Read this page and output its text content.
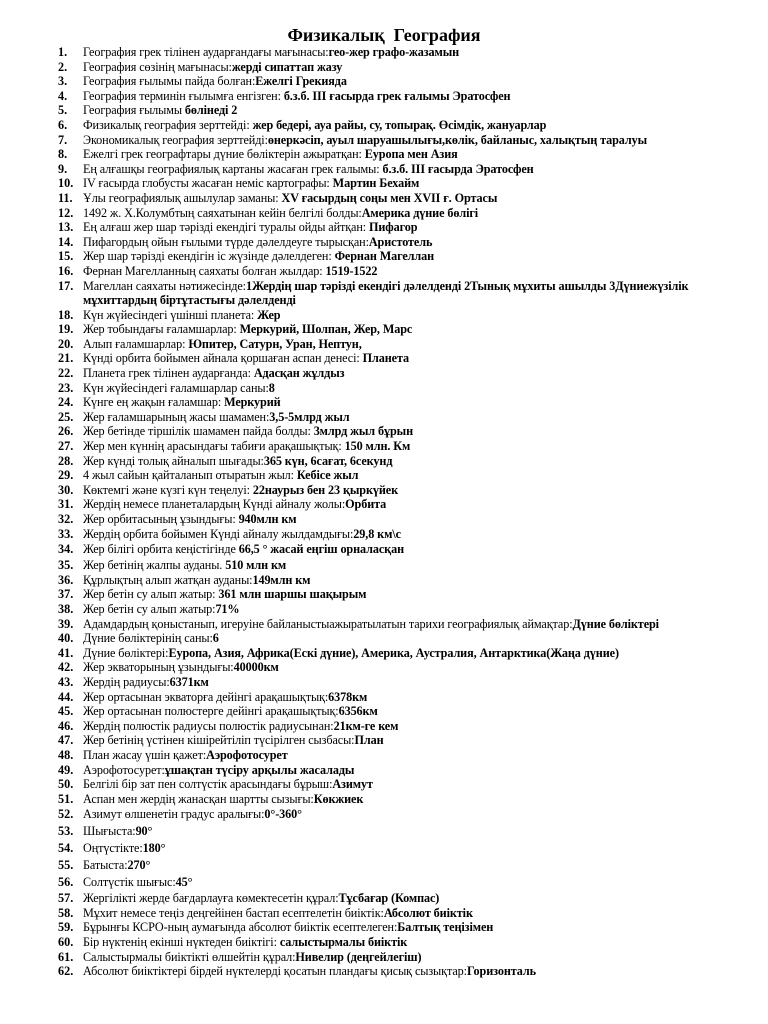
Физикалық  География
1.	География грек тілінен аударғандағы мағынасы:гео-жер графо-жазамын
2.	География сөзінің мағынасы:жерді сипаттап жазу
3.	География ғылымы пайда болған:Ежелгі Грекияда
4.	География терминін ғылымға енгізген: б.з.б. ІІІ ғасырда грек ғалымы Эратосфен
5.	География ғылымы бөлінеді 2
6.	Физикалық география зерттейді: жер бедері, ауа райы, су, топырақ. Өсімдік, жануарлар
7.	Экономикалық география зерттейді:өнеркәсіп, ауыл шаруашылығы,көлік, байланыс, халықтың таралуы
8.	Ежелгі грек географтары дүние бөліктерін ажыратқан: Еуропа мен Азия
9.	Ең алғашқы географиялық картаны жасаған грек ғалымы: б.з.б. ІІІ ғасырда Эратосфен
10. ІV ғасырда глобусты жасаған неміс картографы: Мартин Бехайм
11. Ұлы географиялық ашылулар заманы: ХV ғасырдың соңы мен ХVІІ ғ. Ортасы
12. 1492 ж. Х.Колумбтың саяхатынан кейін белгілі болды:Америка дүние бөлігі
13. Ең алғаш жер шар тәрізді екендігі туралы ойды айтқан: Пифагор
14. Пифагордың ойын ғылыми түрде дәлелдеуге тырысқан:Аристотель
15. Жер шар тәрізді екендігін іс жүзінде дәлелдеген: Фернан Магеллан
16. Фернан Магелланның саяхаты болған жылдар: 1519-1522
17. Магеллан саяхаты нәтижесінде:1Жердің шар тәрізді екендігі дәлелденді 2Тынық мұхиты ашылды 3Дүниежүзілік мұхиттардың біртұтастығы дәлелденді
18. Күн жүйесіндегі үшінші планета: Жер
19. Жер тобындағы ғаламшарлар: Меркурий, Шолпан, Жер, Марс
20. Алып ғаламшарлар: Юпитер, Сатурн, Уран, Нептун,
21. Күнді орбита бойымен айнала қоршаған аспан денесі: Планета
22. Планета грек тілінен аударғанда: Адасқан жұлдыз
23. Күн жүйесіндегі ғаламшарлар саны:8
24. Күнге ең жақын ғаламшар: Меркурий
25. Жер ғаламшарының жасы шамамен:3,5-5млрд жыл
26. Жер бетінде тіршілік шамамен пайда болды: 3млрд жыл бұрын
27. Жер мен күннің арасындағы табиғи арақашықтық: 150 млн. Км
28. Жер күнді толық айналып шығады:365 күн, 6сағат, 6секунд
29. 4 жыл сайын қайталанып отыратын жыл: Кебісе жыл
30. Көктемгі және күзгі күн теңелуі: 22наурыз бен 23 қыркүйек
31. Жердің немесе планеталардың Күнді айналу жолы:Орбита
32. Жер орбитасының ұзындығы: 940млн км
33. Жердің орбита бойымен Күнді айналу жылдамдығы:29,8 км\с
34. Жер білігі орбита кеңістігінде 66,5 ° жасай еңгіш орналасқан
35. Жер бетінің жалпы ауданы. 510 млн км
36. Құрлықтың алып жатқан ауданы:149млн км
37. Жер бетін су алып жатыр: 361 млн шаршы шақырым
38. Жер бетін су алып жатыр:71%
39. Адамдардың қоныстанып, игеруіне байланыстыажыратылатын тарихи географиялық аймақтар:Дүние бөліктері
40. Дүние бөліктерінің саны:6
41. Дүние бөліктері:Еуропа, Азия, Африка(Ескі дүние), Америка, Аустралия, Антарктика(Жаңа дүние)
42. Жер экваторының ұзындығы:40000км
43. Жердің радиусы:6371км
44. Жер ортасынан экваторға дейінгі арақашықтық:6378км
45. Жер ортасынан полюстерге дейінгі арақашықтық:6356км
46. Жердің полюстік радиусы полюстік радиусынан:21км-ге кем
47. Жер бетінің үстінен кішірейтіліп түсірілген сызбасы:План
48. План жасау үшін қажет:Аэрофотосурет
49. Аэрофотосурет:ұшақтан түсіру арқылы жасалады
50. Белгілі бір зат пен солтүстік арасындағы бұрыш:Азимут
51. Аспан мен жердің жанасқан шартты сызығы:Көкжиек
52. Азимут өлшенетін градус аралығы:0°-360°
53. Шығыста:90°
54. Оңтүстікте:180°
55. Батыста:270°
56. Солтүстік шығыс:45°
57. Жергілікті жерде бағдарлауға көмектесетін құрал:Тұсбағар (Компас)
58. Мұхит немесе теңіз деңгейінен бастап есептелетін биіктік:Абсолют биіктік
59. Бұрынғы КСРО-ның аумағында абсолют биіктік есептелеген:Балтық теңізімен
60. Бір нүктенің екінші нүктеден биіктігі: салыстырмалы биіктік
61. Салыстырмалы биіктікті өлшейтін құрал:Нивелир (деңгейлегіш)
62. Абсолют биіктіктері бірдей нүктелерді қосатын пландағы қисық сызықтар:Горизонталь
